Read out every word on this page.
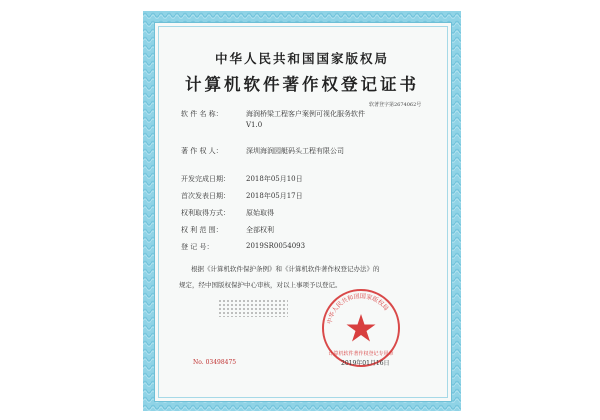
中华人民共和国国家版权局
计算机软件著作权登记证书
软著登字第2674062号
软 件 名 称：	海润桥梁工程客户案例可视化服务软件
V1.0
著 作 权 人：	深圳海润园艇码头工程有限公司
开发完成日期： 2018年05月10日
首次发表日期： 2018年05月17日
权利取得方式： 原始取得
权 利 范 围：	全部权利
登 记 号：	2019SR0054093
根据《计算机软件保护条例》和《计算机软件著作权登记办法》的
规定，经中国版权保护中心审核，对以上事项予以登记。
中华人民共和国国家版权局
计算机软件著作权登记专用章
2019年01月16日
No. 03498475
